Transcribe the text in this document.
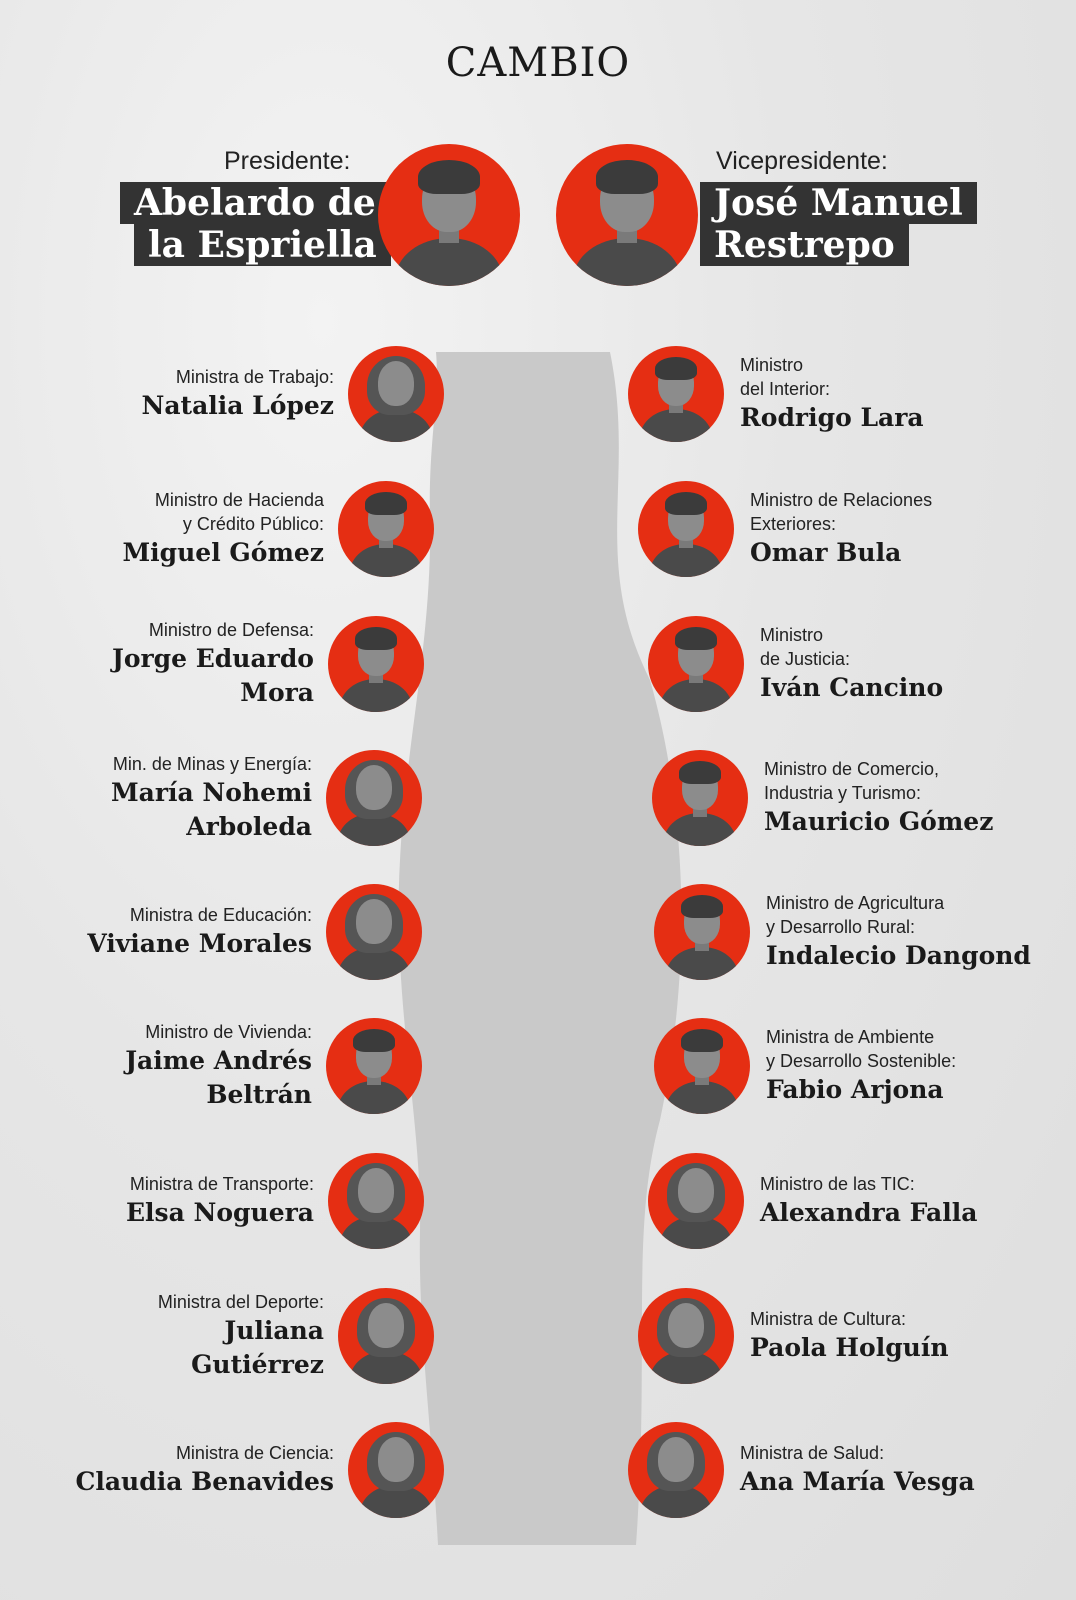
CAMBIO
Presidente:
Abelardo de
la Espriella
Vicepresidente:
José Manuel
Restrepo
Ministra de Trabajo:
Natalia López
Ministro de Hacienda
y Crédito Público:
Miguel Gómez
Ministro de Defensa:
Jorge Eduardo
Mora
Min. de Minas y Energía:
María Nohemi
Arboleda
Ministra de Educación:
Viviane Morales
Ministro de Vivienda:
Jaime Andrés
Beltrán
Ministra de Transporte:
Elsa Noguera
Ministra del Deporte:
Juliana
Gutiérrez
Ministra de Ciencia:
Claudia Benavides
Ministro
del Interior:
Rodrigo Lara
Ministro de Relaciones
Exteriores:
Omar Bula
Ministro
de Justicia:
Iván Cancino
Ministro de Comercio,
Industria y Turismo:
Mauricio Gómez
Ministro de Agricultura
y Desarrollo Rural:
Indalecio Dangond
Ministra de Ambiente
y Desarrollo Sostenible:
Fabio Arjona
Ministro de las TIC:
Alexandra Falla
Ministra de Cultura:
Paola Holguín
Ministra de Salud:
Ana María Vesga
